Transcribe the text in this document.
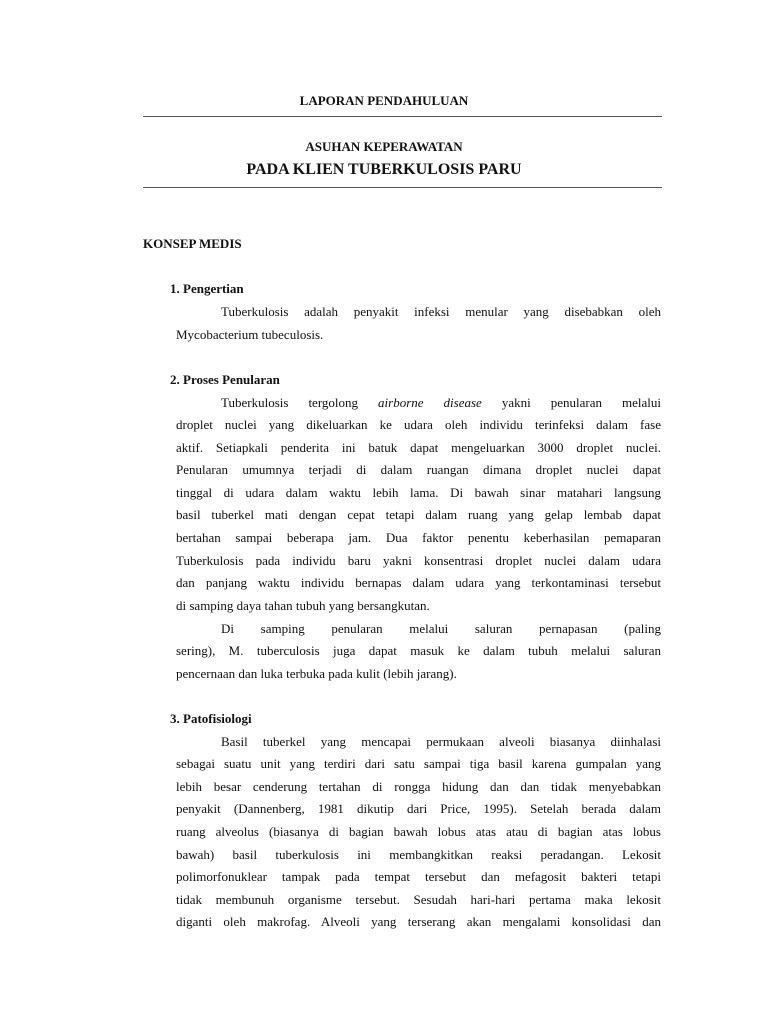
LAPORAN PENDAHULUAN
ASUHAN KEPERAWATAN
PADA KLIEN TUBERKULOSIS PARU
KONSEP MEDIS
1. Pengertian
Tuberkulosis adalah penyakit infeksi menular yang disebabkan oleh
Mycobacterium tubeculosis.
2. Proses Penularan
Tuberkulosis tergolong airborne disease yakni penularan melalui
droplet nuclei yang dikeluarkan ke udara oleh individu terinfeksi dalam fase
aktif. Setiapkali penderita ini batuk dapat mengeluarkan 3000 droplet nuclei.
Penularan umumnya terjadi di dalam ruangan dimana droplet nuclei dapat
tinggal di udara dalam waktu lebih lama. Di bawah sinar matahari langsung
basil tuberkel mati dengan cepat tetapi dalam ruang yang gelap lembab dapat
bertahan sampai beberapa jam. Dua faktor penentu keberhasilan pemaparan
Tuberkulosis pada individu baru yakni konsentrasi droplet nuclei dalam udara
dan panjang waktu individu bernapas dalam udara yang terkontaminasi tersebut
di samping daya tahan tubuh yang bersangkutan.
Di samping penularan melalui saluran pernapasan (paling
sering), M. tuberculosis juga dapat masuk ke dalam tubuh melalui saluran
pencernaan dan luka terbuka pada kulit (lebih jarang).
3. Patofisiologi
Basil tuberkel yang mencapai permukaan alveoli biasanya diinhalasi
sebagai suatu unit yang terdiri dari satu sampai tiga basil karena gumpalan yang
lebih besar cenderung tertahan di rongga hidung dan dan tidak menyebabkan
penyakit (Dannenberg, 1981 dikutip dari Price, 1995). Setelah berada dalam
ruang alveolus (biasanya di bagian bawah lobus atas atau di bagian atas lobus
bawah) basil tuberkulosis ini membangkitkan reaksi peradangan. Lekosit
polimorfonuklear tampak pada tempat tersebut dan mefagosit bakteri tetapi
tidak membunuh organisme tersebut. Sesudah hari-hari pertama maka lekosit
diganti oleh makrofag. Alveoli yang terserang akan mengalami konsolidasi dan
